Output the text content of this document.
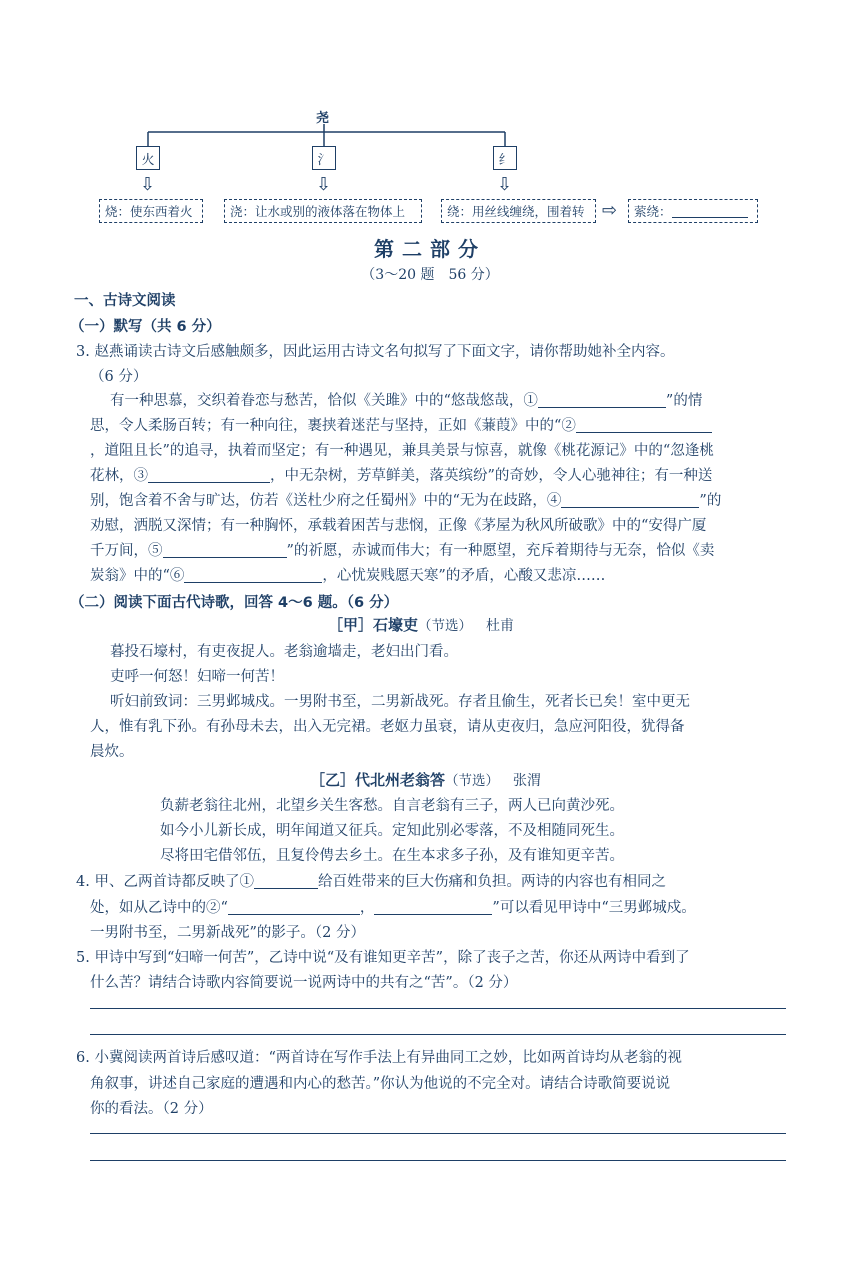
尧
火	氵	纟
⇩	⇩	⇩
烧：使东西着火	浇：让水或别的液体落在物体上	绕：用丝线缠绕，围着转 ⇨ 萦绕：
第二部分
（3～20 题　56 分）
一、古诗文阅读
（一）默写（共 6 分）
3. 赵燕诵读古诗文后感触颇多，因此运用古诗文名句拟写了下面文字，请你帮助她补全内容。
（6 分）
有一种思慕，交织着眷恋与愁苦，恰似《关雎》中的“悠哉悠哉，①	”的情
思，令人柔肠百转；有一种向往，裹挟着迷茫与坚持，正如《蒹葭》中的“②
，道阻且长”的追寻，执着而坚定；有一种遇见，兼具美景与惊喜，就像《桃花源记》中的“忽逢桃
花林，③	，中无杂树，芳草鲜美，落英缤纷”的奇妙，令人心驰神往；有一种送
别，饱含着不舍与旷达，仿若《送杜少府之任蜀州》中的“无为在歧路，④	”的
劝慰，洒脱又深情；有一种胸怀，承载着困苦与悲悯，正像《茅屋为秋风所破歌》中的“安得广厦
千万间，⑤	”的祈愿，赤诚而伟大；有一种愿望，充斥着期待与无奈，恰似《卖
炭翁》中的“⑥	，心忧炭贱愿天寒”的矛盾，心酸又悲凉……
（二）阅读下面古代诗歌，回答 4～6 题。（6 分）
［甲］石壕吏（节选） 杜甫
暮投石壕村，有吏夜捉人。老翁逾墙走，老妇出门看。
吏呼一何怒！妇啼一何苦！
听妇前致词：三男邺城戍。一男附书至，二男新战死。存者且偷生，死者长已矣！室中更无
人，惟有乳下孙。有孙母未去，出入无完裙。老妪力虽衰，请从吏夜归，急应河阳役，犹得备
晨炊。
［乙］代北州老翁答（节选） 张渭
负薪老翁往北州，北望乡关生客愁。自言老翁有三子，两人已向黄沙死。
如今小儿新长成，明年闻道又征兵。定知此别必零落，不及相随同死生。
尽将田宅借邻伍，且复伶俜去乡土。在生本求多子孙，及有谁知更辛苦。
4. 甲、乙两首诗都反映了①	给百姓带来的巨大伤痛和负担。两诗的内容也有相同之
处，如从乙诗中的②“	，	”可以看见甲诗中“三男邺城戍。
一男附书至，二男新战死”的影子。（2 分）
5. 甲诗中写到“妇啼一何苦”，乙诗中说“及有谁知更辛苦”，除了丧子之苦，你还从两诗中看到了
什么苦？请结合诗歌内容简要说一说两诗中的共有之“苦”。（2 分）
6. 小冀阅读两首诗后感叹道：“两首诗在写作手法上有异曲同工之妙，比如两首诗均从老翁的视
角叙事，讲述自己家庭的遭遇和内心的愁苦。”你认为他说的不完全对。请结合诗歌简要说说
你的看法。（2 分）
